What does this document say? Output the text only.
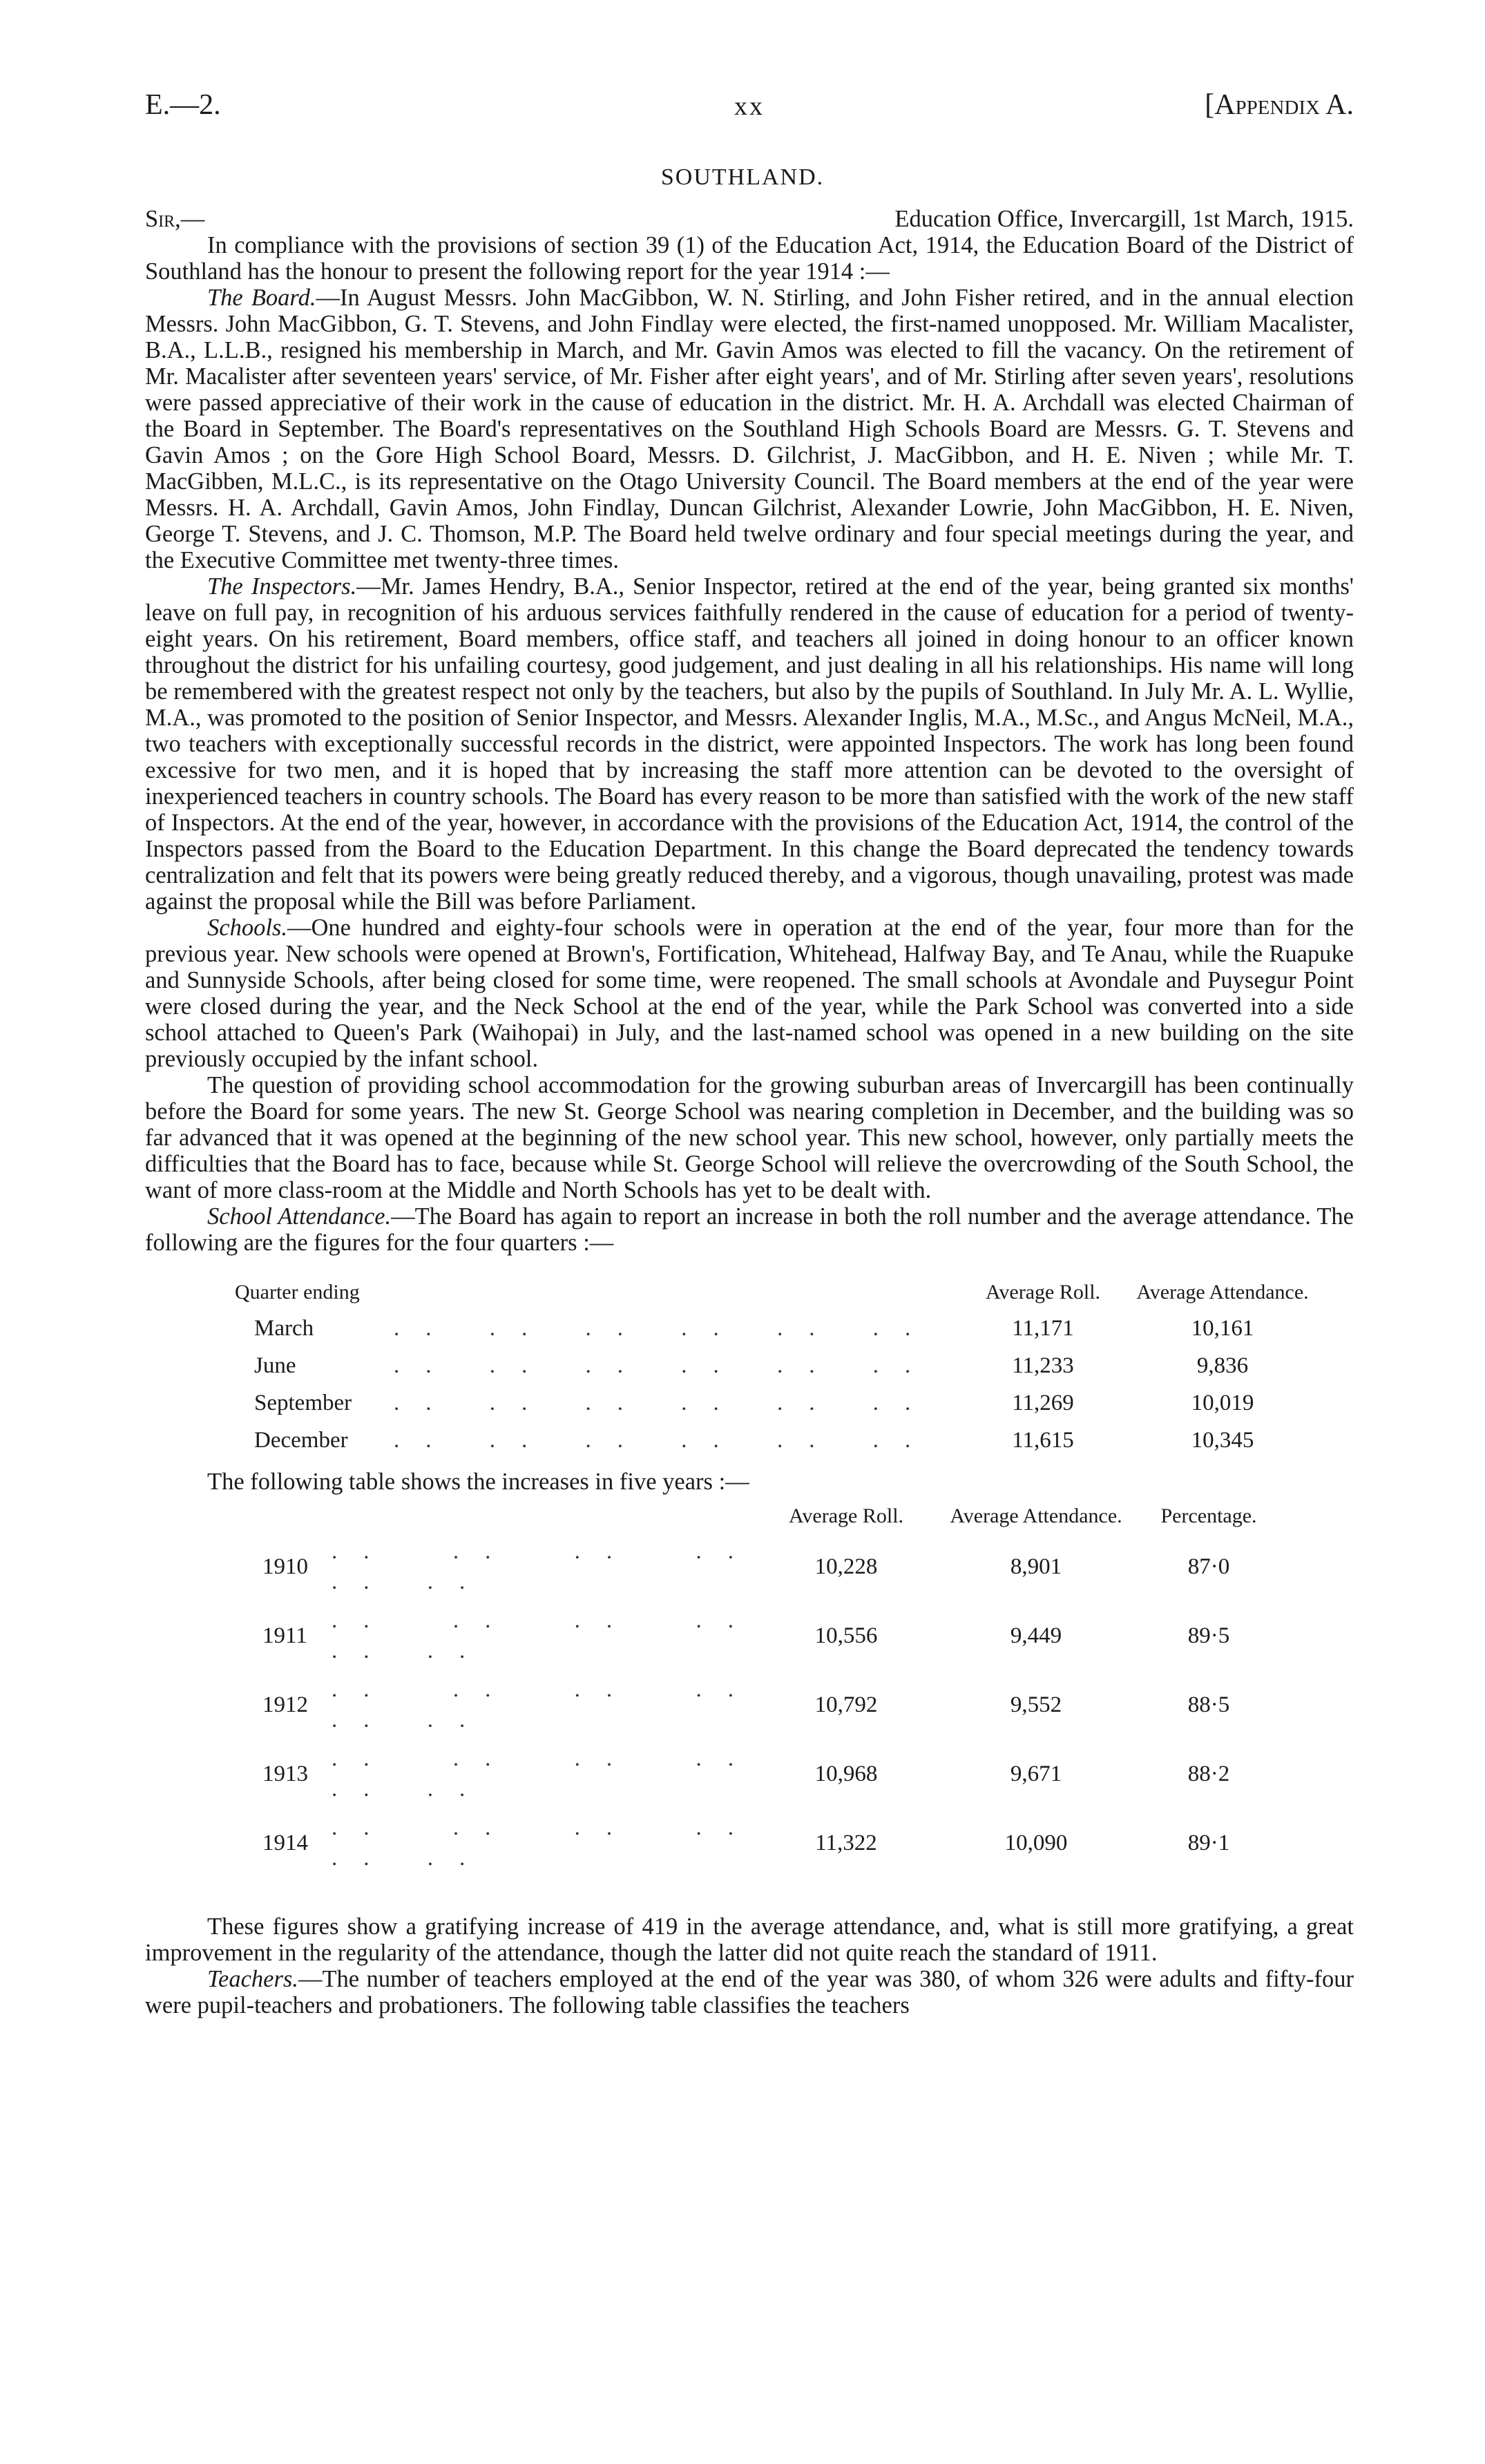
E.—2.	xx	[Appendix A.
SOUTHLAND.
Sir,—	Education Office, Invercargill, 1st March, 1915.

In compliance with the provisions of section 39 (1) of the Education Act, 1914, the Education Board of the District of Southland has the honour to present the following report for the year 1914 :—

The Board.—In August Messrs. John MacGibbon, W. N. Stirling, and John Fisher retired, and in the annual election Messrs. John MacGibbon, G. T. Stevens, and John Findlay were elected, the first-named unopposed. Mr. William Macalister, B.A., L.L.B., resigned his membership in March, and Mr. Gavin Amos was elected to fill the vacancy. On the retirement of Mr. Macalister after seventeen years' service, of Mr. Fisher after eight years', and of Mr. Stirling after seven years', resolutions were passed appreciative of their work in the cause of education in the district. Mr. H. A. Archdall was elected Chairman of the Board in September. The Board's representatives on the Southland High Schools Board are Messrs. G. T. Stevens and Gavin Amos ; on the Gore High School Board, Messrs. D. Gilchrist, J. MacGibbon, and H. E. Niven ; while Mr. T. MacGibben, M.L.C., is its representative on the Otago University Council. The Board members at the end of the year were Messrs. H. A. Archdall, Gavin Amos, John Findlay, Duncan Gilchrist, Alexander Lowrie, John MacGibbon, H. E. Niven, George T. Stevens, and J. C. Thomson, M.P. The Board held twelve ordinary and four special meetings during the year, and the Executive Committee met twenty-three times.

The Inspectors.—Mr. James Hendry, B.A., Senior Inspector, retired at the end of the year, being granted six months' leave on full pay, in recognition of his arduous services faithfully rendered in the cause of education for a period of twenty-eight years. On his retirement, Board members, office staff, and teachers all joined in doing honour to an officer known throughout the district for his unfailing courtesy, good judgement, and just dealing in all his relationships. His name will long be remembered with the greatest respect not only by the teachers, but also by the pupils of Southland. In July Mr. A. L. Wyllie, M.A., was promoted to the position of Senior Inspector, and Messrs. Alexander Inglis, M.A., M.Sc., and Angus McNeil, M.A., two teachers with exceptionally successful records in the district, were appointed Inspectors. The work has long been found excessive for two men, and it is hoped that by increasing the staff more attention can be devoted to the oversight of inexperienced teachers in country schools. The Board has every reason to be more than satisfied with the work of the new staff of Inspectors. At the end of the year, however, in accordance with the provisions of the Education Act, 1914, the control of the Inspectors passed from the Board to the Education Department. In this change the Board deprecated the tendency towards centralization and felt that its powers were being greatly reduced thereby, and a vigorous, though unavailing, protest was made against the proposal while the Bill was before Parliament.

Schools.—One hundred and eighty-four schools were in operation at the end of the year, four more than for the previous year. New schools were opened at Brown's, Fortification, Whitehead, Halfway Bay, and Te Anau, while the Ruapuke and Sunnyside Schools, after being closed for some time, were reopened. The small schools at Avondale and Puysegur Point were closed during the year, and the Neck School at the end of the year, while the Park School was converted into a side school attached to Queen's Park (Waihopai) in July, and the last-named school was opened in a new building on the site previously occupied by the infant school.

The question of providing school accommodation for the growing suburban areas of Invercargill has been continually before the Board for some years. The new St. George School was nearing completion in December, and the building was so far advanced that it was opened at the beginning of the new school year. This new school, however, only partially meets the difficulties that the Board has to face, because while St. George School will relieve the overcrowding of the South School, the want of more class-room at the Middle and North Schools has yet to be dealt with.

School Attendance.—The Board has again to report an increase in both the roll number and the average attendance. The following are the figures for the four quarters :—

Quarter ending		Average Roll.	Average Attendance.
March	.. .. .. .. .. ..	11,171	10,161
June	.. .. .. .. .. ..	11,233	9,836
September	.. .. .. .. .. ..	11,269	10,019
December	.. .. .. .. .. ..	11,615	10,345

The following table shows the increases in five years :—

		Average Roll.	Average Attendance.	Percentage.
1910	.. .. .. .. .. ..	10,228	8,901	87·0
1911	.. .. .. .. .. ..	10,556	9,449	89·5
1912	.. .. .. .. .. ..	10,792	9,552	88·5
1913	.. .. .. .. .. ..	10,968	9,671	88·2
1914	.. .. .. .. .. ..	11,322	10,090	89·1

These figures show a gratifying increase of 419 in the average attendance, and, what is still more gratifying, a great improvement in the regularity of the attendance, though the latter did not quite reach the standard of 1911.

Teachers.—The number of teachers employed at the end of the year was 380, of whom 326 were adults and fifty-four were pupil-teachers and probationers. The following table classifies the teachers
